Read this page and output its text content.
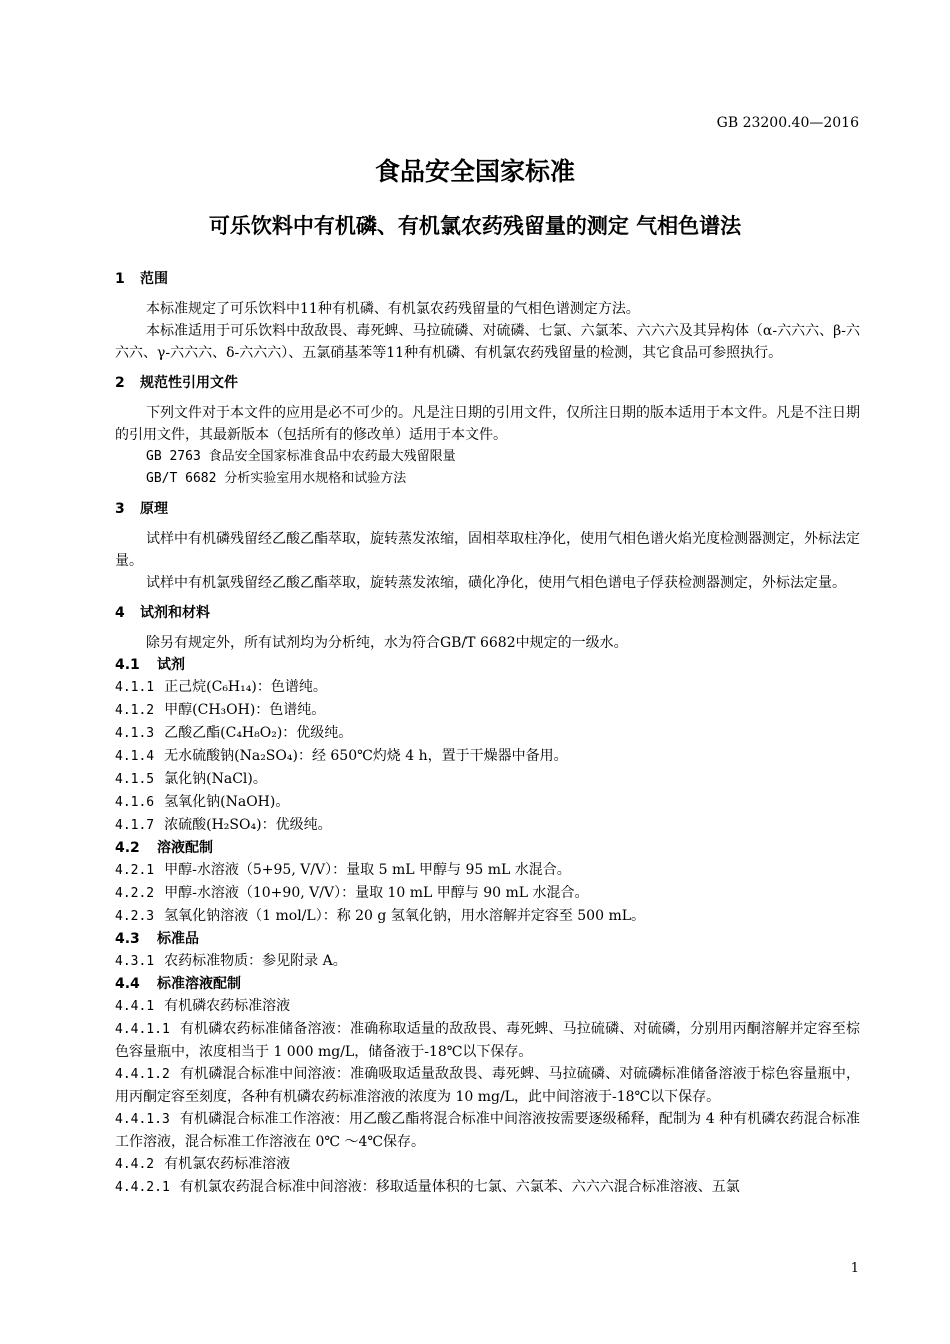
GB 23200.40—2016
食品安全国家标准
可乐饮料中有机磷、有机氯农药残留量的测定 气相色谱法
1 范围
本标准规定了可乐饮料中11种有机磷、有机氯农药残留量的气相色谱测定方法。
本标准适用于可乐饮料中敌敌畏、毒死蜱、马拉硫磷、对硫磷、七氯、六氯苯、六六六及其异构体（α-六六六、β-六六六、γ-六六六、δ-六六六）、五氯硝基苯等11种有机磷、有机氯农药残留量的检测，其它食品可参照执行。
2 规范性引用文件
下列文件对于本文件的应用是必不可少的。凡是注日期的引用文件，仅所注日期的版本适用于本文件。凡是不注日期的引用文件，其最新版本（包括所有的修改单）适用于本文件。
GB 2763 食品安全国家标准食品中农药最大残留限量
GB/T 6682 分析实验室用水规格和试验方法
3 原理
试样中有机磷残留经乙酸乙酯萃取，旋转蒸发浓缩，固相萃取柱净化，使用气相色谱火焰光度检测器测定，外标法定量。
试样中有机氯残留经乙酸乙酯萃取，旋转蒸发浓缩，磺化净化，使用气相色谱电子俘获检测器测定，外标法定量。
4 试剂和材料
除另有规定外，所有试剂均为分析纯，水为符合GB/T 6682中规定的一级水。
4.1 试剂
4.1.1 正己烷(C₆H₁₄)：色谱纯。
4.1.2 甲醇(CH₃OH)：色谱纯。
4.1.3 乙酸乙酯(C₄H₈O₂)：优级纯。
4.1.4 无水硫酸钠(Na₂SO₄)：经 650℃灼烧 4 h，置于干燥器中备用。
4.1.5 氯化钠(NaCl)。
4.1.6 氢氧化钠(NaOH)。
4.1.7 浓硫酸(H₂SO₄)：优级纯。
4.2 溶液配制
4.2.1 甲醇-水溶液（5+95, V/V）：量取 5 mL 甲醇与 95 mL 水混合。
4.2.2 甲醇-水溶液（10+90, V/V）：量取 10 mL 甲醇与 90 mL 水混合。
4.2.3 氢氧化钠溶液（1 mol/L）：称 20 g 氢氧化钠，用水溶解并定容至 500 mL。
4.3 标准品
4.3.1 农药标准物质：参见附录 A。
4.4 标准溶液配制
4.4.1 有机磷农药标准溶液
4.4.1.1 有机磷农药标准储备溶液：准确称取适量的敌敌畏、毒死蜱、马拉硫磷、对硫磷，分别用丙酮溶解并定容至棕色容量瓶中，浓度相当于 1 000 mg/L，储备液于-18℃以下保存。
4.4.1.2 有机磷混合标准中间溶液：准确吸取适量敌敌畏、毒死蜱、马拉硫磷、对硫磷标准储备溶液于棕色容量瓶中，用丙酮定容至刻度，各种有机磷农药标准溶液的浓度为 10 mg/L，此中间溶液于-18℃以下保存。
4.4.1.3 有机磷混合标准工作溶液：用乙酸乙酯将混合标准中间溶液按需要逐级稀释，配制为 4 种有机磷农药混合标准工作溶液，混合标准工作溶液在 0℃ ～4℃保存。
4.4.2 有机氯农药标准溶液
4.4.2.1 有机氯农药混合标准中间溶液：移取适量体积的七氯、六氯苯、六六六混合标准溶液、五氯
1
